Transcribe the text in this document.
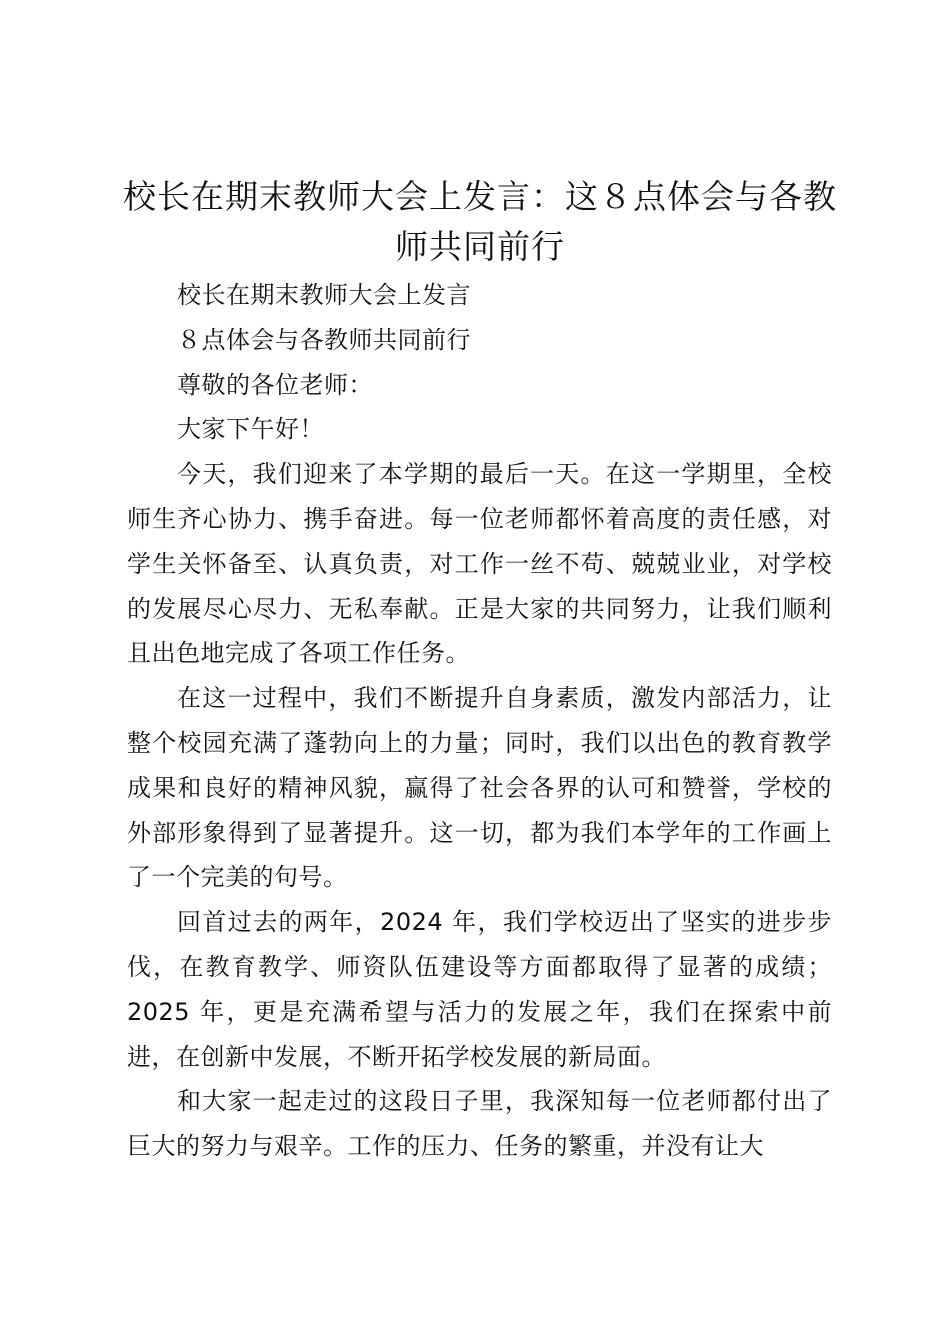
校长在期末教师大会上发言：这８点体会与各教师共同前行

校长在期末教师大会上发言

８点体会与各教师共同前行

尊敬的各位老师：

大家下午好！

今天，我们迎来了本学期的最后一天。在这一学期里，全校师生齐心协力、携手奋进。每一位老师都怀着高度的责任感，对学生关怀备至、认真负责，对工作一丝不苟、兢兢业业，对学校的发展尽心尽力、无私奉献。正是大家的共同努力，让我们顺利且出色地完成了各项工作任务。

在这一过程中，我们不断提升自身素质，激发内部活力，让整个校园充满了蓬勃向上的力量；同时，我们以出色的教育教学成果和良好的精神风貌，赢得了社会各界的认可和赞誉，学校的外部形象得到了显著提升。这一切，都为我们本学年的工作画上了一个完美的句号。

回首过去的两年，2024 年，我们学校迈出了坚实的进步步伐，在教育教学、师资队伍建设等方面都取得了显著的成绩；2025 年，更是充满希望与活力的发展之年，我们在探索中前进，在创新中发展，不断开拓学校发展的新局面。

和大家一起走过的这段日子里，我深知每一位老师都付出了巨大的努力与艰辛。工作的压力、任务的繁重，并没有让大
